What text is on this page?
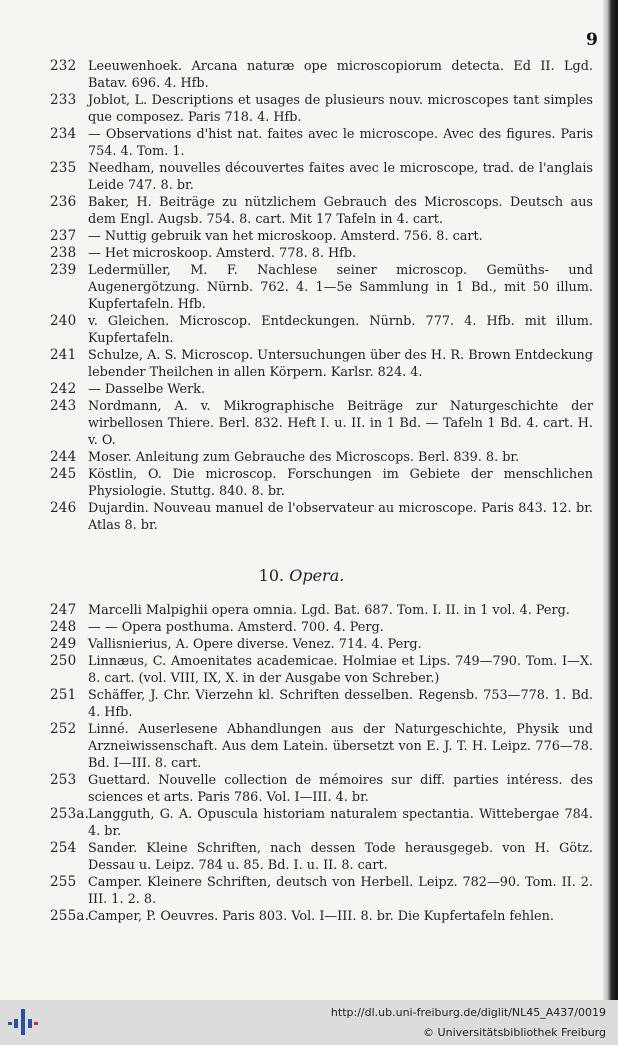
9
232 Leeuwenhoek. Arcana naturæ ope microscopiorum detecta. Ed II. Lgd. Batav. 696. 4. Hfb.
233 Joblot, L. Descriptions et usages de plusieurs nouv. microscopes tant simples que composez. Paris 718. 4. Hfb.
234 — Observations d'hist nat. faites avec le microscope. Avec des figures. Paris 754. 4. Tom. 1.
235 Needham, nouvelles découvertes faites avec le microscope, trad. de l'anglais Leide 747. 8. br.
236 Baker, H. Beiträge zu nützlichem Gebrauch des Microscops. Deutsch aus dem Engl. Augsb. 754. 8. cart. Mit 17 Tafeln in 4. cart.
237 — Nuttig gebruik van het microskoop. Amsterd. 756. 8. cart.
238 — Het microskoop. Amsterd. 778. 8. Hfb.
239 Ledermüller, M. F. Nachlese seiner microscop. Gemüths- und Augenergötzung. Nürnb. 762. 4. 1—5e Sammlung in 1 Bd., mit 50 illum. Kupfertafeln. Hfb.
240 v. Gleichen. Microscop. Entdeckungen. Nürnb. 777. 4. Hfb. mit illum. Kupfertafeln.
241 Schulze, A. S. Microscop. Untersuchungen über des H. R. Brown Entdeckung lebender Theilchen in allen Körpern. Karlsr. 824. 4.
242 — Dasselbe Werk.
243 Nordmann, A. v. Mikrographische Beiträge zur Naturgeschichte der wirbellosen Thiere. Berl. 832. Heft I. u. II. in 1 Bd. — Tafeln 1 Bd. 4. cart. H. v. O.
244 Moser. Anleitung zum Gebrauche des Microscops. Berl. 839. 8. br.
245 Köstlin, O. Die microscop. Forschungen im Gebiete der menschlichen Physiologie. Stuttg. 840. 8. br.
246 Dujardin. Nouveau manuel de l'observateur au microscope. Paris 843. 12. br. Atlas 8. br.
10. Opera.
247 Marcelli Malpighii opera omnia. Lgd. Bat. 687. Tom. I. II. in 1 vol. 4. Perg.
248 — — Opera posthuma. Amsterd. 700. 4. Perg.
249 Vallisnierius, A. Opere diverse. Venez. 714. 4. Perg.
250 Linnæus, C. Amoenitates academicae. Holmiae et Lips. 749—790. Tom. I—X. 8. cart. (vol. VIII, IX, X. in der Ausgabe von Schreber.)
251 Schäffer, J. Chr. Vierzehn kl. Schriften desselben. Regensb. 753—778. 1. Bd. 4. Hfb.
252 Linné. Auserlesene Abhandlungen aus der Naturgeschichte, Physik und Arzneiwissenschaft. Aus dem Latein. übersetzt von E. J. T. H. Leipz. 776—78. Bd. I—III. 8. cart.
253 Guettard. Nouvelle collection de mémoires sur diff. parties intéress. des sciences et arts. Paris 786. Vol. I—III. 4. br.
253a.
Langguth, G. A. Opuscula historiam naturalem spectantia. Wittebergae 784. 4. br.
254 Sander. Kleine Schriften, nach dessen Tode herausgegeb. von H. Götz. Dessau u. Leipz. 784 u. 85. Bd. I. u. II. 8. cart.
255 Camper. Kleinere Schriften, deutsch von Herbell. Leipz. 782—90. Tom. II. 2. III. 1. 2. 8.
255a.
Camper, P. Oeuvres. Paris 803. Vol. I—III. 8. br. Die Kupfertafeln fehlen.
http://dl.ub.uni-freiburg.de/diglit/NL45_A437/0019
© Universitätsbibliothek Freiburg
